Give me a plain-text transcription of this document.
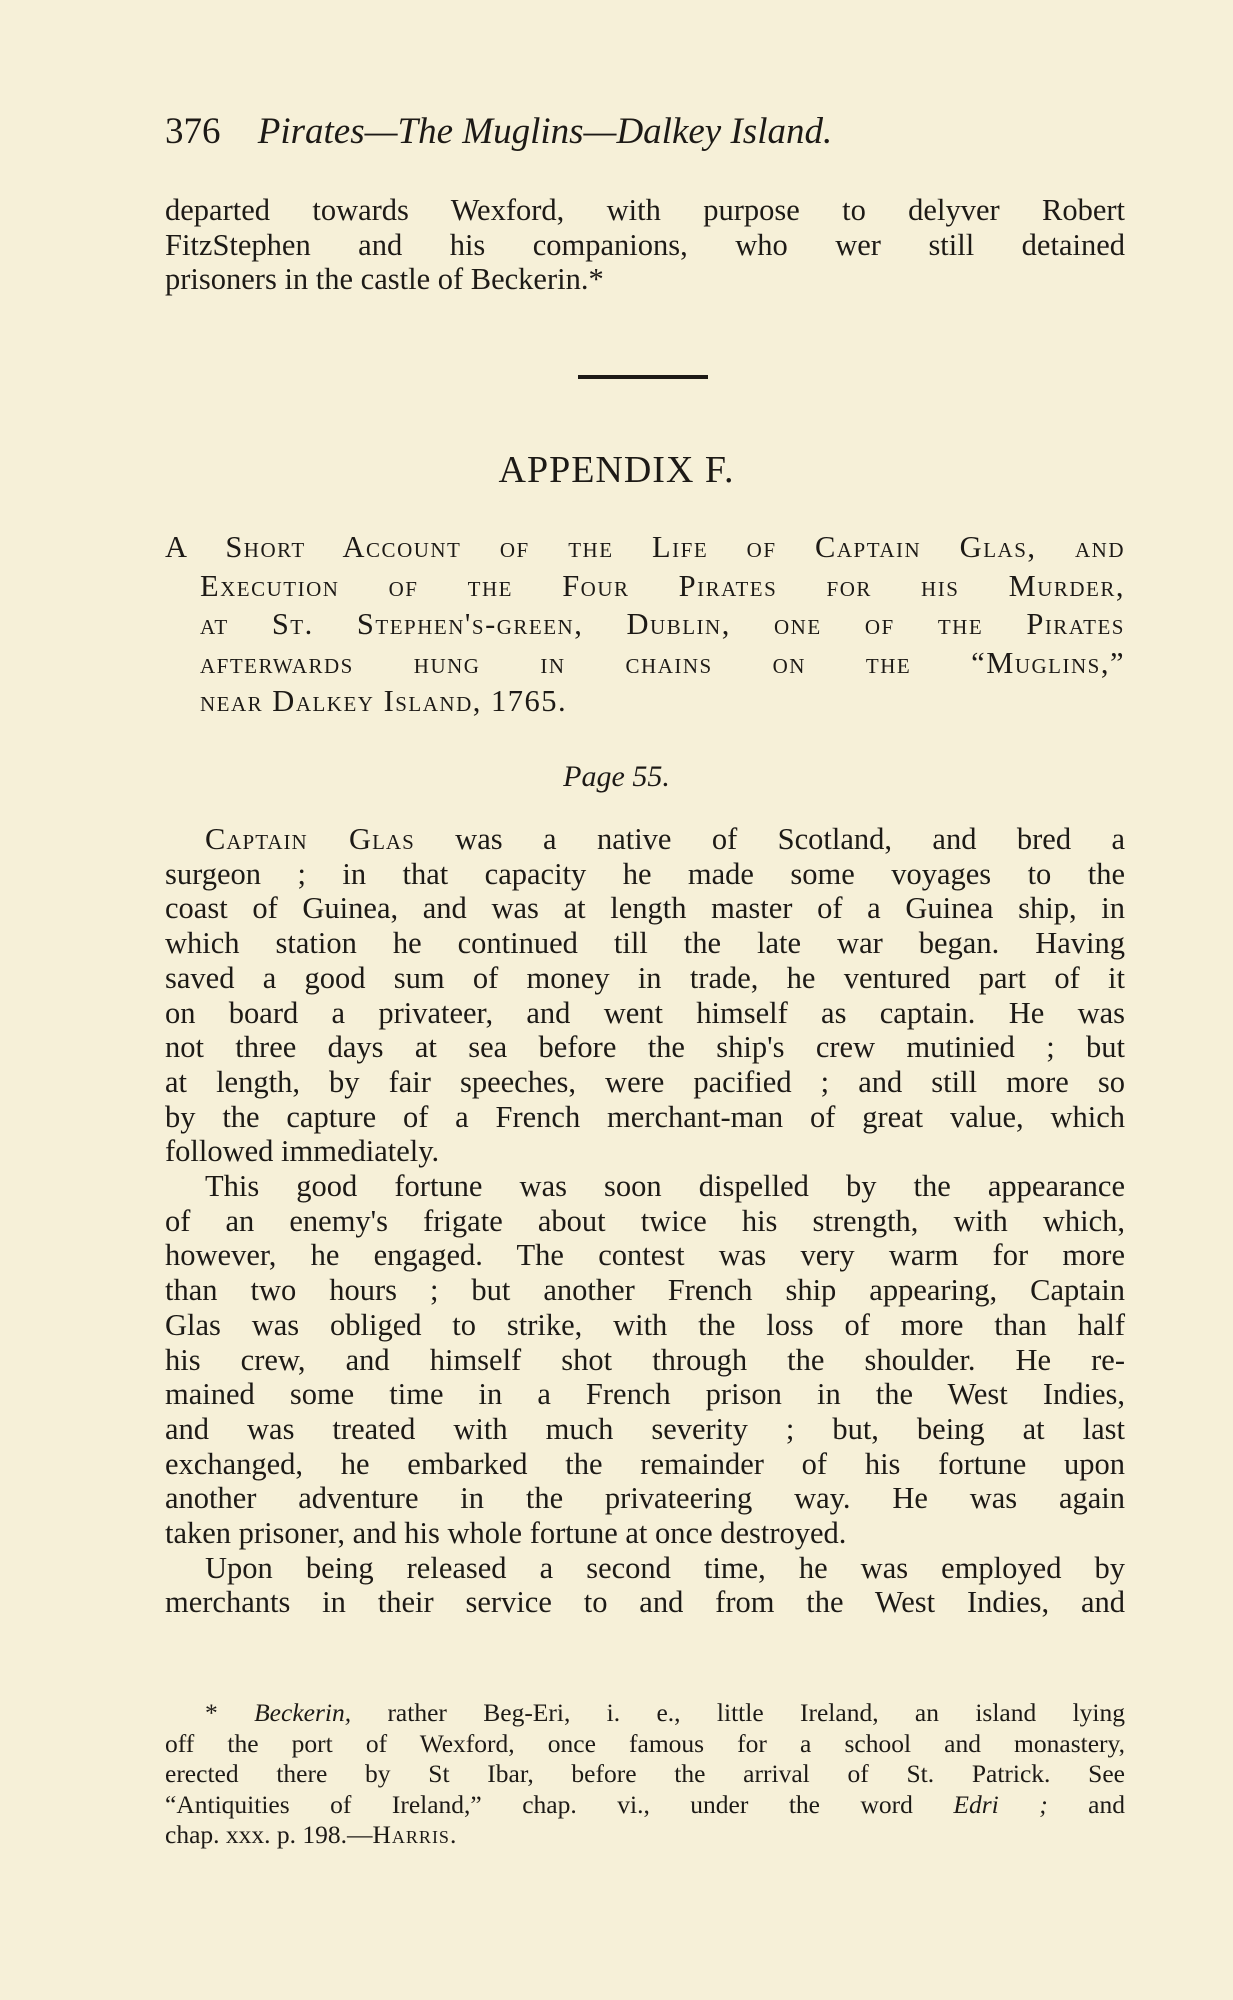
376 Pirates—The Muglins—Dalkey Island.

departed towards Wexford, with purpose to delyver Robert
FitzStephen and his companions, who wer still detained
prisoners in the castle of Beckerin.*

APPENDIX F.

A Short Account of the Life of Captain Glas, and
Execution of the Four Pirates for his Murder,
at St. Stephen's-green, Dublin, one of the Pirates
afterwards hung in chains on the “Muglins,”
near Dalkey Island, 1765.

Page 55.

Captain Glas was a native of Scotland, and bred a
surgeon ; in that capacity he made some voyages to the
coast of Guinea, and was at length master of a Guinea ship, in
which station he continued till the late war began. Having
saved a good sum of money in trade, he ventured part of it
on board a privateer, and went himself as captain. He was
not three days at sea before the ship's crew mutinied ; but
at length, by fair speeches, were pacified ; and still more so
by the capture of a French merchant-man of great value, which
followed immediately.
This good fortune was soon dispelled by the appearance
of an enemy's frigate about twice his strength, with which,
however, he engaged. The contest was very warm for more
than two hours ; but another French ship appearing, Captain
Glas was obliged to strike, with the loss of more than half
his crew, and himself shot through the shoulder. He re-
mained some time in a French prison in the West Indies,
and was treated with much severity ; but, being at last
exchanged, he embarked the remainder of his fortune upon
another adventure in the privateering way. He was again
taken prisoner, and his whole fortune at once destroyed.
Upon being released a second time, he was employed by
merchants in their service to and from the West Indies, and

* Beckerin, rather Beg-Eri, i. e., little Ireland, an island lying
off the port of Wexford, once famous for a school and monastery,
erected there by St Ibar, before the arrival of St. Patrick. See
“Antiquities of Ireland,” chap. vi., under the word Edri ; and
chap. xxx. p. 198.—Harris.
